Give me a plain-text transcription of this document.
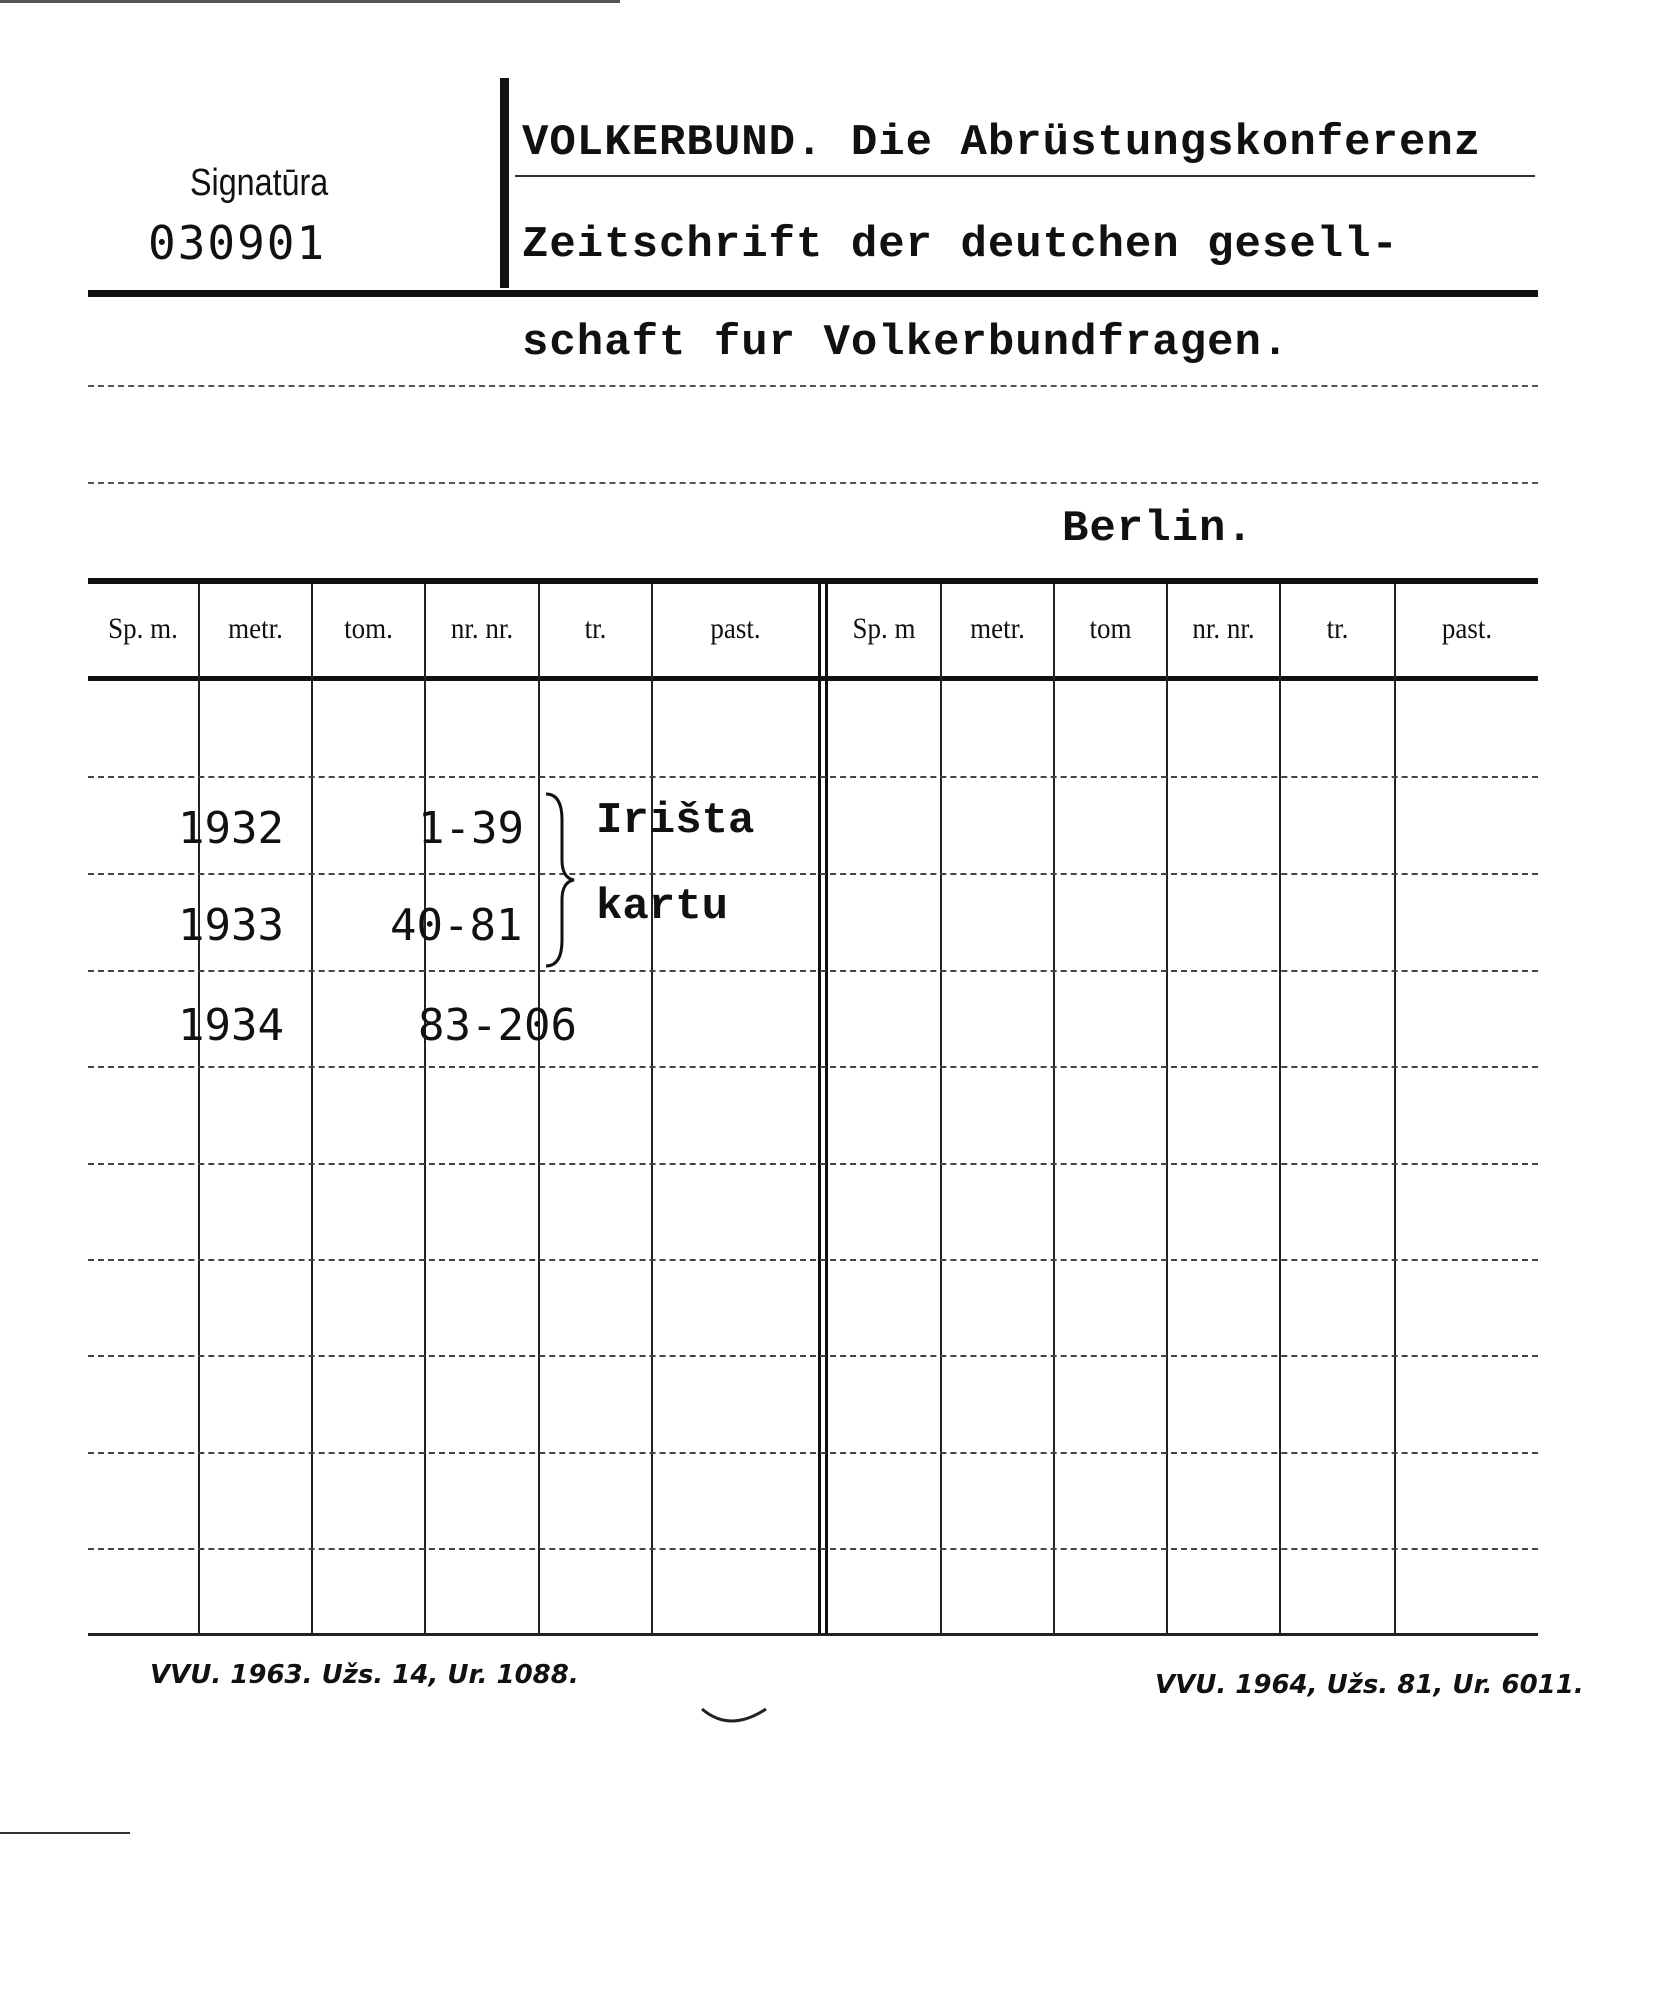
Signatūra
030901
VOLKERBUND. Die Abrüstungskonferenz
Zeitschrift der deutchen gesell-
schaft fur Volkerbundfragen.
Berlin.
Sp. m.	metr.	tom.	nr. nr.	tr.	past.	Sp. m	metr.	tom	nr. nr.	tr.	past.
1932	1-39
1933 40-81
1934	83-206
Irišta
kartu
VVU. 1963. Užs. 14, Ur. 1088.	VVU. 1964, Užs. 81, Ur. 6011.
